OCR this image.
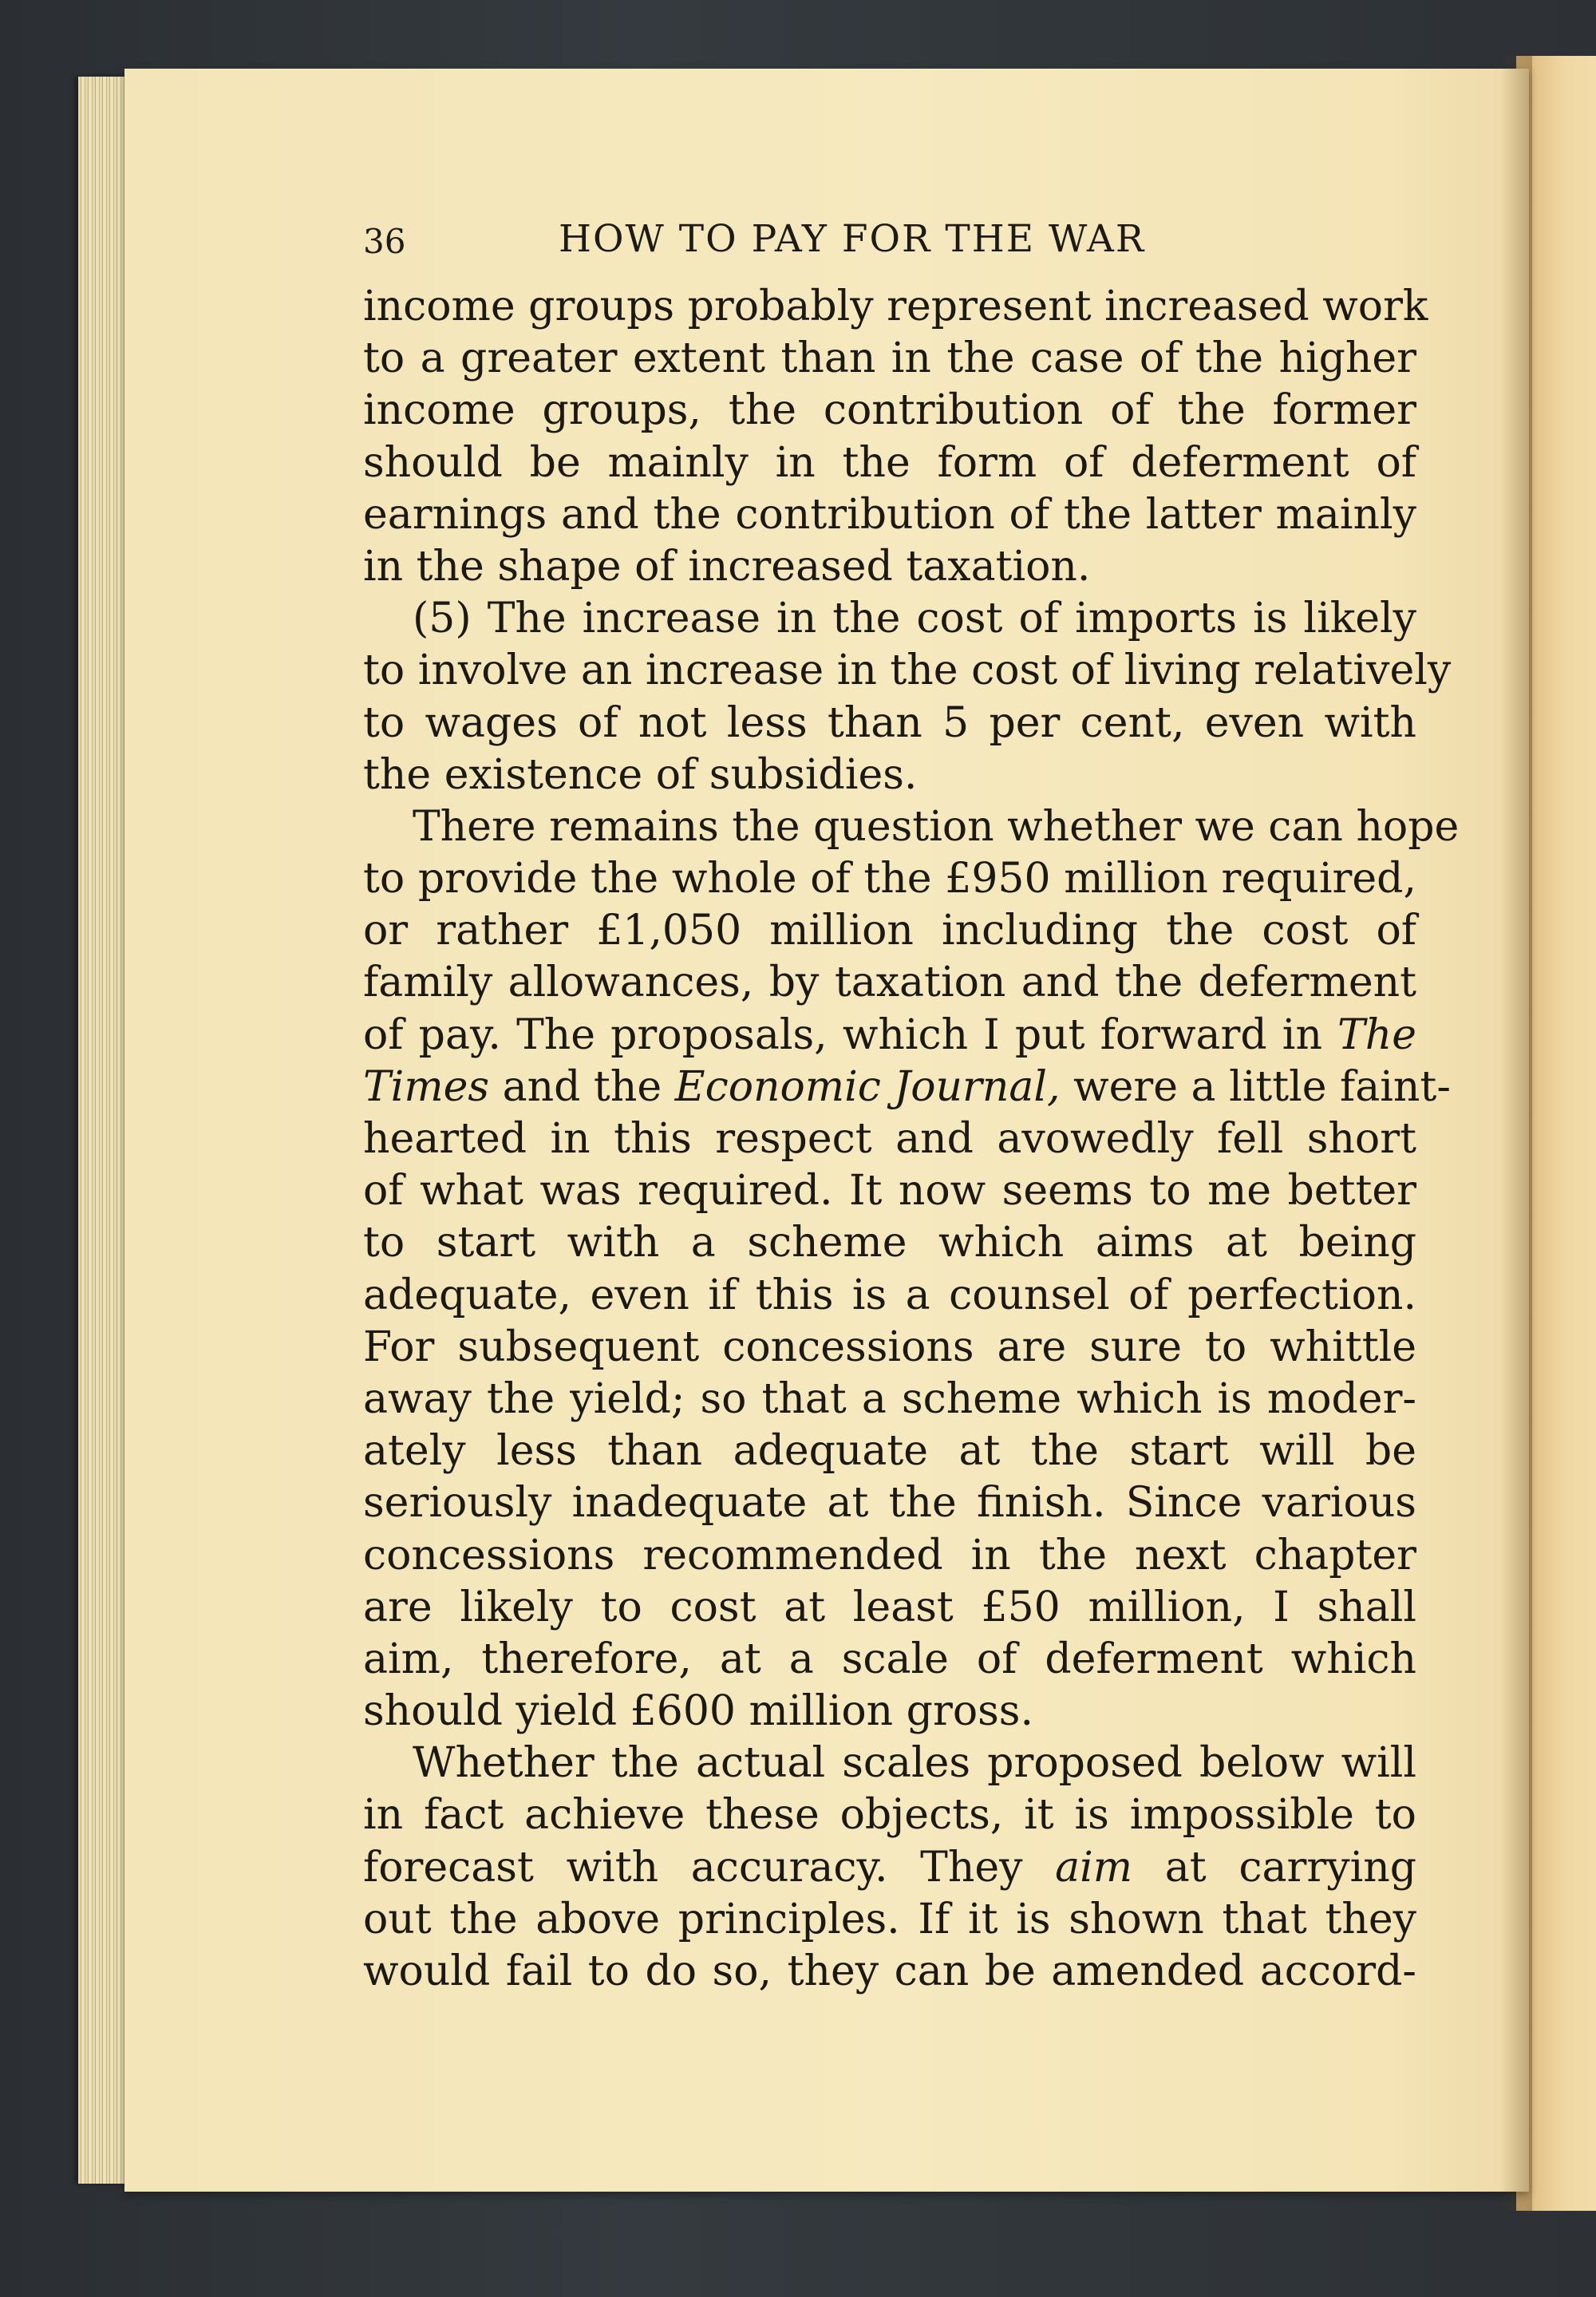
36	HOW TO PAY FOR THE WAR
income groups probably represent increased work
to a greater extent than in the case of the higher
income groups, the contribution of the former
should be mainly in the form of deferment of
earnings and the contribution of the latter mainly
in the shape of increased taxation.
(5) The increase in the cost of imports is likely
to involve an increase in the cost of living relatively
to wages of not less than 5 per cent, even with
the existence of subsidies.
There remains the question whether we can hope
to provide the whole of the £950 million required,
or rather £1,050 million including the cost of
family allowances, by taxation and the deferment
of pay. The proposals, which I put forward in The
Times and the Economic Journal, were a little faint-
hearted in this respect and avowedly fell short
of what was required. It now seems to me better
to start with a scheme which aims at being
adequate, even if this is a counsel of perfection.
For subsequent concessions are sure to whittle
away the yield; so that a scheme which is moder-
ately less than adequate at the start will be
seriously inadequate at the finish. Since various
concessions recommended in the next chapter
are likely to cost at least £50 million, I shall
aim, therefore, at a scale of deferment which
should yield £600 million gross.
Whether the actual scales proposed below will
in fact achieve these objects, it is impossible to
forecast with accuracy. They aim at carrying
out the above principles. If it is shown that they
would fail to do so, they can be amended accord-
